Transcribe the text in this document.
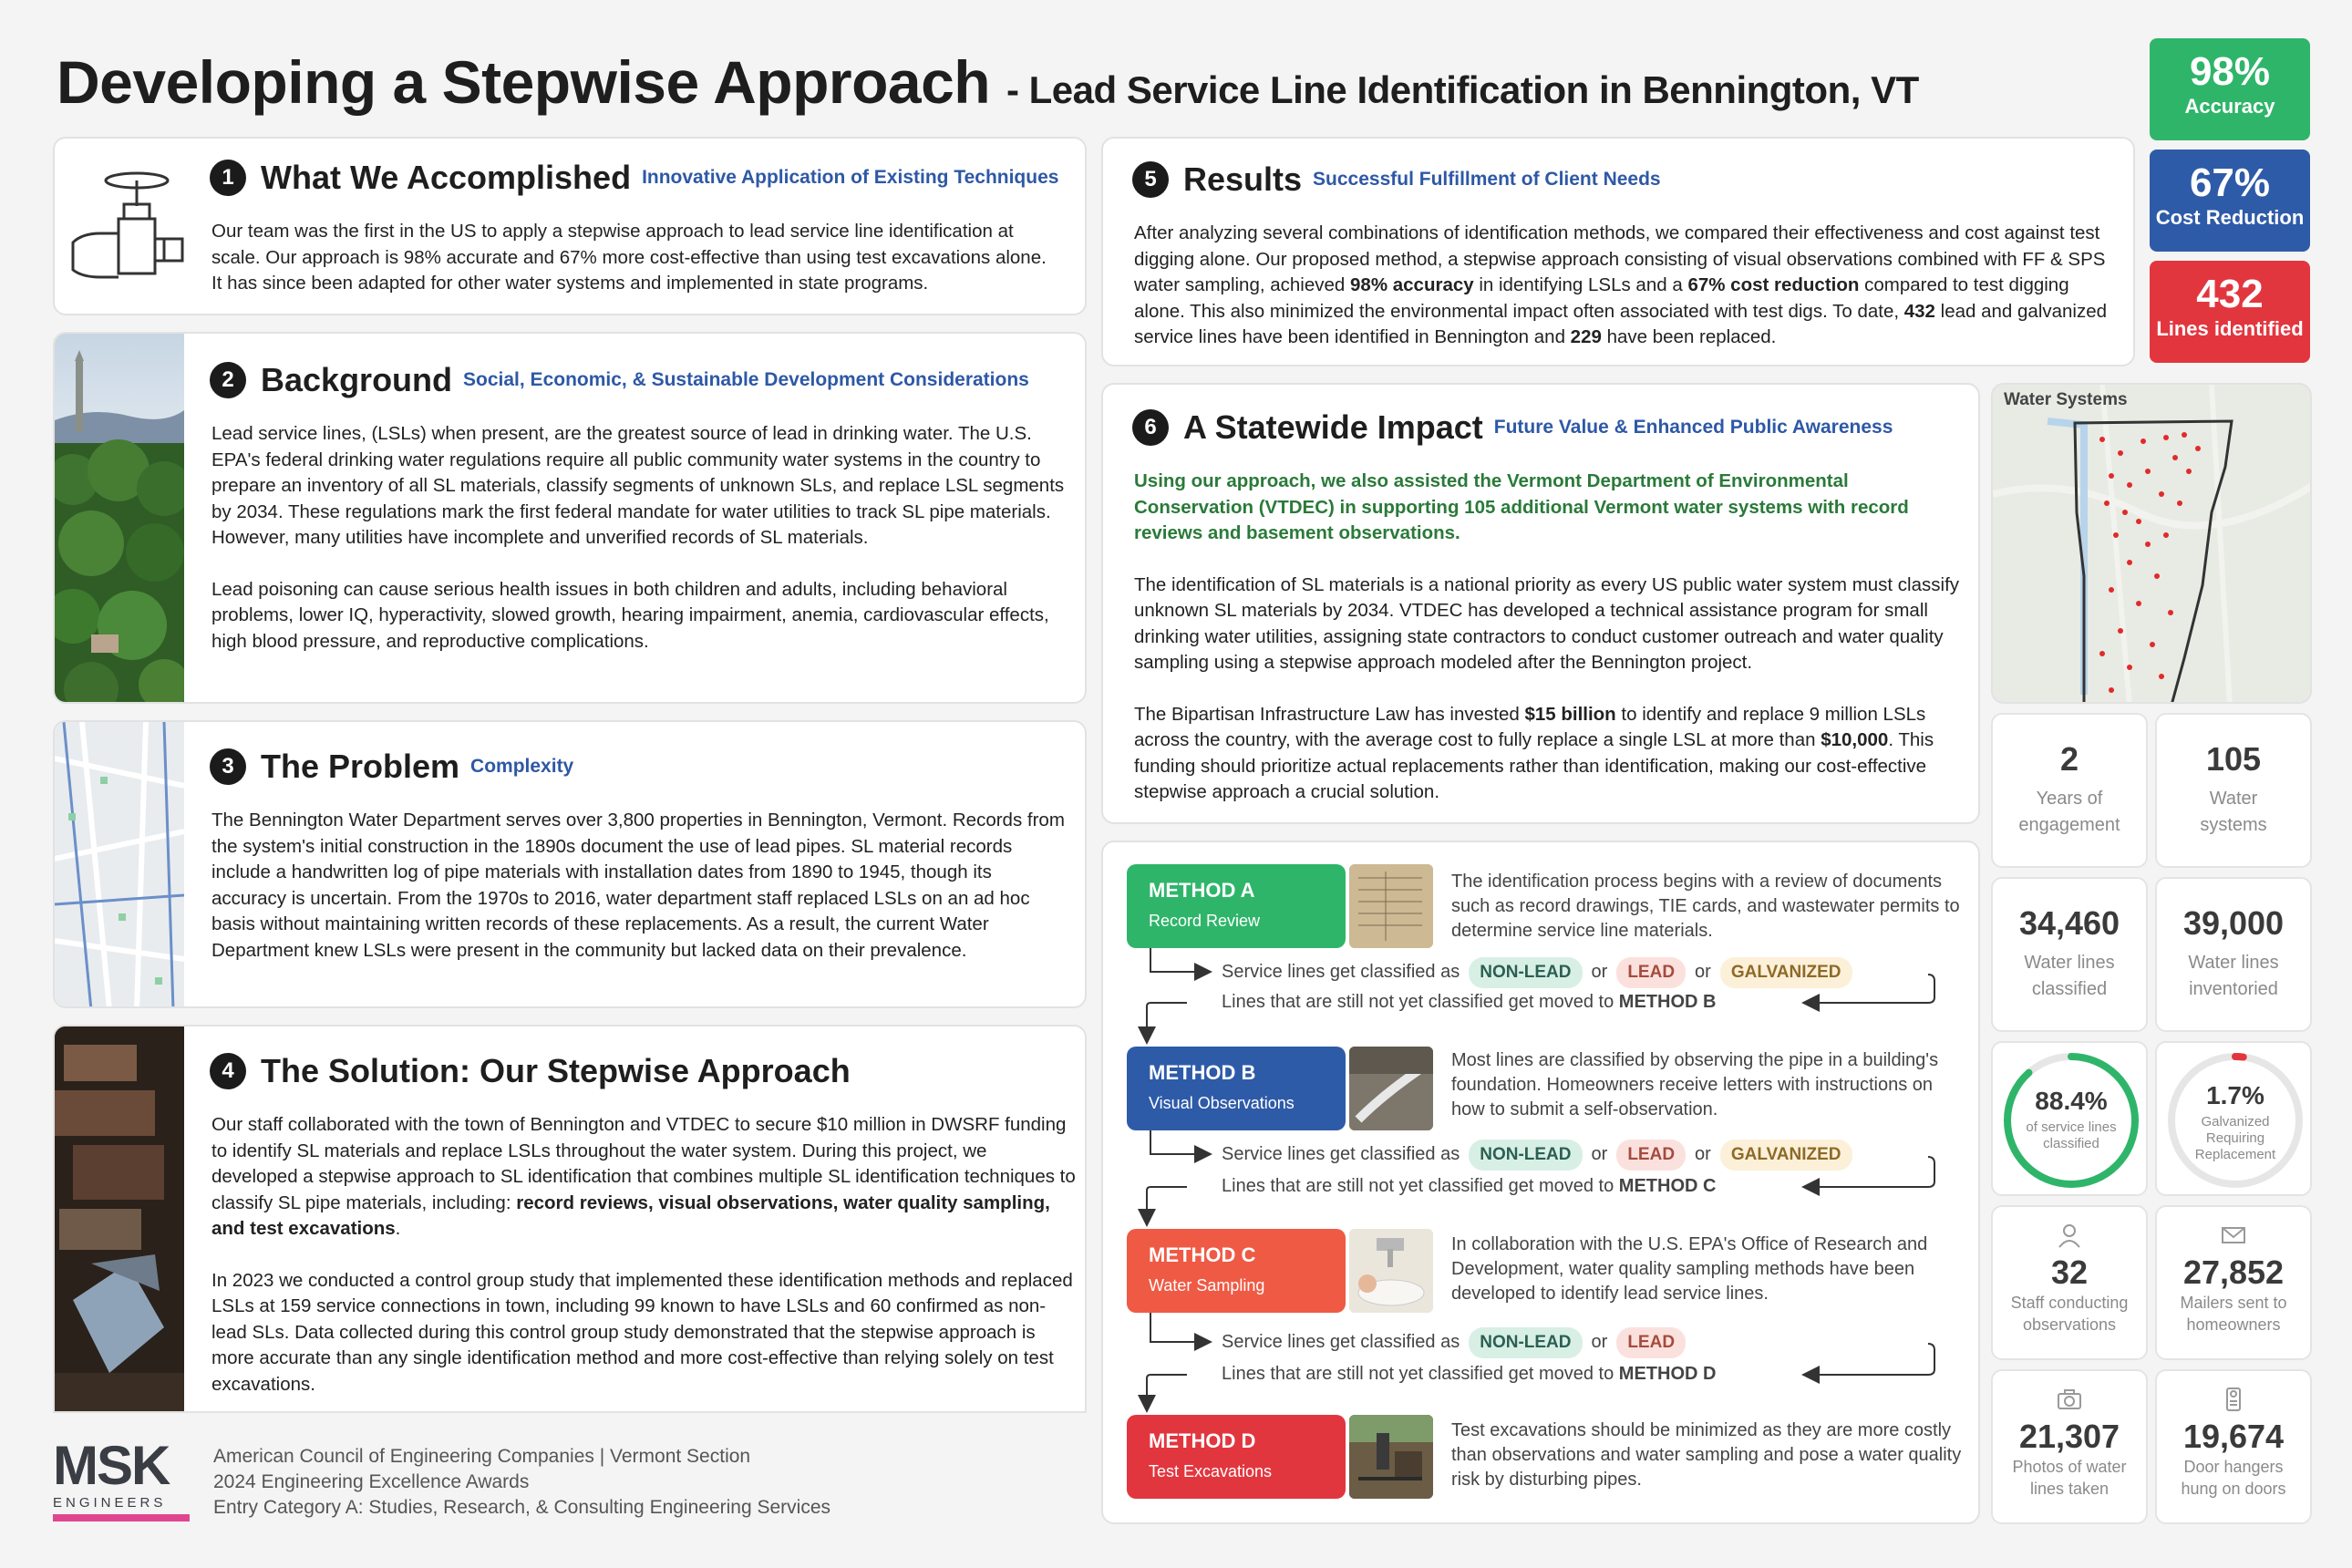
Developing a Stepwise Approach - Lead Service Line Identification in Bennington, VT	98%
Accuracy
67%
Cost Reduction
432
Lines identified
1 What We Accomplished Innovative Application of Existing Techniques
Our team was the first in the US to apply a stepwise approach to lead service line identification at scale. Our approach is 98% accurate and 67% more cost-effective than using test excavations alone. It has since been adapted for other water systems and implemented in state programs.
2 Background Social, Economic, & Sustainable Development Considerations

Lead service lines, (LSLs) when present, are the greatest source of lead in drinking water. The U.S. EPA's federal drinking water regulations require all public community water systems in the country to prepare an inventory of all SL materials, classify segments of unknown SLs, and replace LSL segments by 2034. These regulations mark the first federal mandate for water utilities to track SL pipe materials. However, many utilities have incomplete and unverified records of SL materials.

Lead poisoning can cause serious health issues in both children and adults, including behavioral problems, lower IQ, hyperactivity, slowed growth, hearing impairment, anemia, cardiovascular effects, high blood pressure, and reproductive complications.

3 The Problem Complexity
The Bennington Water Department serves over 3,800 properties in Bennington, Vermont. Records from the system's initial construction in the 1890s document the use of lead pipes. SL material records include a handwritten log of pipe materials with installation dates from 1890 to 1945, though its accuracy is uncertain. From the 1970s to 2016, water department staff replaced LSLs on an ad hoc basis without maintaining written records of these replacements. As a result, the current Water Department knew LSLs were present in the community but lacked data on their prevalence.
4 The Solution: Our Stepwise Approach

Our staff collaborated with the town of Bennington and VTDEC to secure $10 million in DWSRF funding to identify SL materials and replace LSLs throughout the water system. During this project, we developed a stepwise approach to SL identification that combines multiple SL identification techniques to classify SL pipe materials, including: record reviews, visual observations, water quality sampling, and test excavations.

In 2023 we conducted a control group study that implemented these identification methods and replaced LSLs at 159 service connections in town, including 99 known to have LSLs and 60 confirmed as non-lead SLs. Data collected during this control group study demonstrated that the stepwise approach is more accurate than any single identification method and more cost-effective than relying solely on test excavations.

5 Results Successful Fulfillment of Client Needs
After analyzing several combinations of identification methods, we compared their effectiveness and cost against test digging alone. Our proposed method, a stepwise approach consisting of visual observations combined with FF & SPS water sampling, achieved 98% accuracy in identifying LSLs and a 67% cost reduction compared to test digging alone. This also minimized the environmental impact often associated with test digs. To date, 432 lead and galvanized service lines have been identified in Bennington and 229 have been replaced.
6 A Statewide Impact Future Value & Enhanced Public Awareness

Using our approach, we also assisted the Vermont Department of Environmental Conservation (VTDEC) in supporting 105 additional Vermont water systems with record reviews and basement observations.

The identification of SL materials is a national priority as every US public water system must classify unknown SL materials by 2034. VTDEC has developed a technical assistance program for small drinking water utilities, assigning state contractors to conduct customer outreach and water quality sampling using a stepwise approach modeled after the Bennington project.

The Bipartisan Infrastructure Law has invested $15 billion to identify and replace 9 million LSLs across the country, with the average cost to fully replace a single LSL at more than $10,000. This funding should prioritize actual replacements rather than identification, making our cost-effective stepwise approach a crucial solution.

Water Systems
2
Years of
engagement
105
Water
systems
34,460
Water lines
classified
39,000
Water lines
inventoried
88.4%
of service lines
classified
1.7%
Galvanized
Requiring
Replacement
32
Staff conducting
observations
27,852
Mailers sent to
homeowners
21,307
Photos of water
lines taken
19,674
Door hangers
hung on doors
METHOD A
Record Review
The identification process begins with a review of documents such as record drawings, TIE cards, and wastewater permits to determine service line materials.
Service lines get classified as NON-LEAD or LEAD or GALVANIZED
Lines that are still not yet classified get moved to METHOD B
METHOD B
Visual Observations
Most lines are classified by observing the pipe in a building's foundation. Homeowners receive letters with instructions on how to submit a self-observation.
Service lines get classified as NON-LEAD or LEAD or GALVANIZED
Lines that are still not yet classified get moved to METHOD C
METHOD C
Water Sampling
In collaboration with the U.S. EPA's Office of Research and Development, water quality sampling methods have been developed to identify lead service lines.
Service lines get classified as NON-LEAD or LEAD
Lines that are still not yet classified get moved to METHOD D
METHOD D
Test Excavations
Test excavations should be minimized as they are more costly than observations and water sampling and pose a water quality risk by disturbing pipes.
MSK
ENGINEERS
American Council of Engineering Companies | Vermont Section
2024 Engineering Excellence Awards
Entry Category A: Studies, Research, & Consulting Engineering Services
